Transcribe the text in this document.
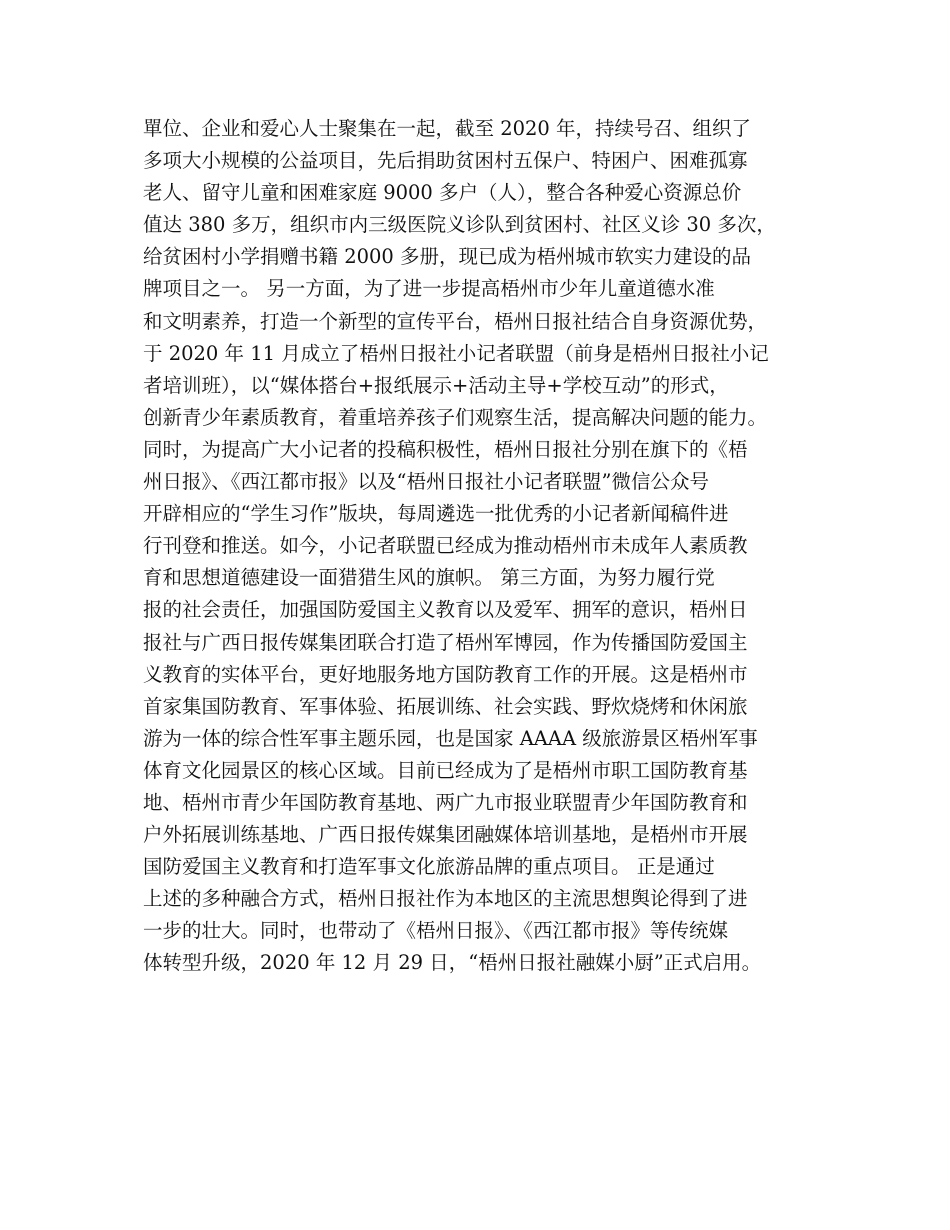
單位、企业和爱心人士聚集在一起，截至 2020 年，持续号召、组织了
多项大小规模的公益项目，先后捐助贫困村五保户、特困户、困难孤寡
老人、留守儿童和困难家庭 9000 多户（人），整合各种爱心资源总价
值达 380 多万，组织市内三级医院义诊队到贫困村、社区义诊 30 多次，
给贫困村小学捐赠书籍 2000 多册，现已成为梧州城市软实力建设的品
牌项目之一。 另一方面，为了进一步提高梧州市少年儿童道德水准
和文明素养，打造一个新型的宣传平台，梧州日报社结合自身资源优势，
于 2020 年 11 月成立了梧州日报社小记者联盟（前身是梧州日报社小记
者培训班），以“媒体搭台+报纸展示+活动主导+学校互动”的形式，
创新青少年素质教育，着重培养孩子们观察生活，提高解决问题的能力。
同时，为提高广大小记者的投稿积极性，梧州日报社分别在旗下的《梧
州日报》、《西江都市报》以及“梧州日报社小记者联盟”微信公众号
开辟相应的“学生习作”版块，每周遴选一批优秀的小记者新闻稿件进
行刊登和推送。如今，小记者联盟已经成为推动梧州市未成年人素质教
育和思想道德建设一面猎猎生风的旗帜。 第三方面，为努力履行党
报的社会责任，加强国防爱国主义教育以及爱军、拥军的意识，梧州日
报社与广西日报传媒集团联合打造了梧州军博园，作为传播国防爱国主
义教育的实体平台，更好地服务地方国防教育工作的开展。这是梧州市
首家集国防教育、军事体验、拓展训练、社会实践、野炊烧烤和休闲旅
游为一体的综合性军事主题乐园，也是国家 AAAA 级旅游景区梧州军事
体育文化园景区的核心区域。目前已经成为了是梧州市职工国防教育基
地、梧州市青少年国防教育基地、两广九市报业联盟青少年国防教育和
户外拓展训练基地、广西日报传媒集团融媒体培训基地，是梧州市开展
国防爱国主义教育和打造军事文化旅游品牌的重点项目。 正是通过
上述的多种融合方式，梧州日报社作为本地区的主流思想舆论得到了进
一步的壮大。同时，也带动了《梧州日报》、《西江都市报》等传统媒
体转型升级，2020 年 12 月 29 日，“梧州日报社融媒小厨”正式启用。
